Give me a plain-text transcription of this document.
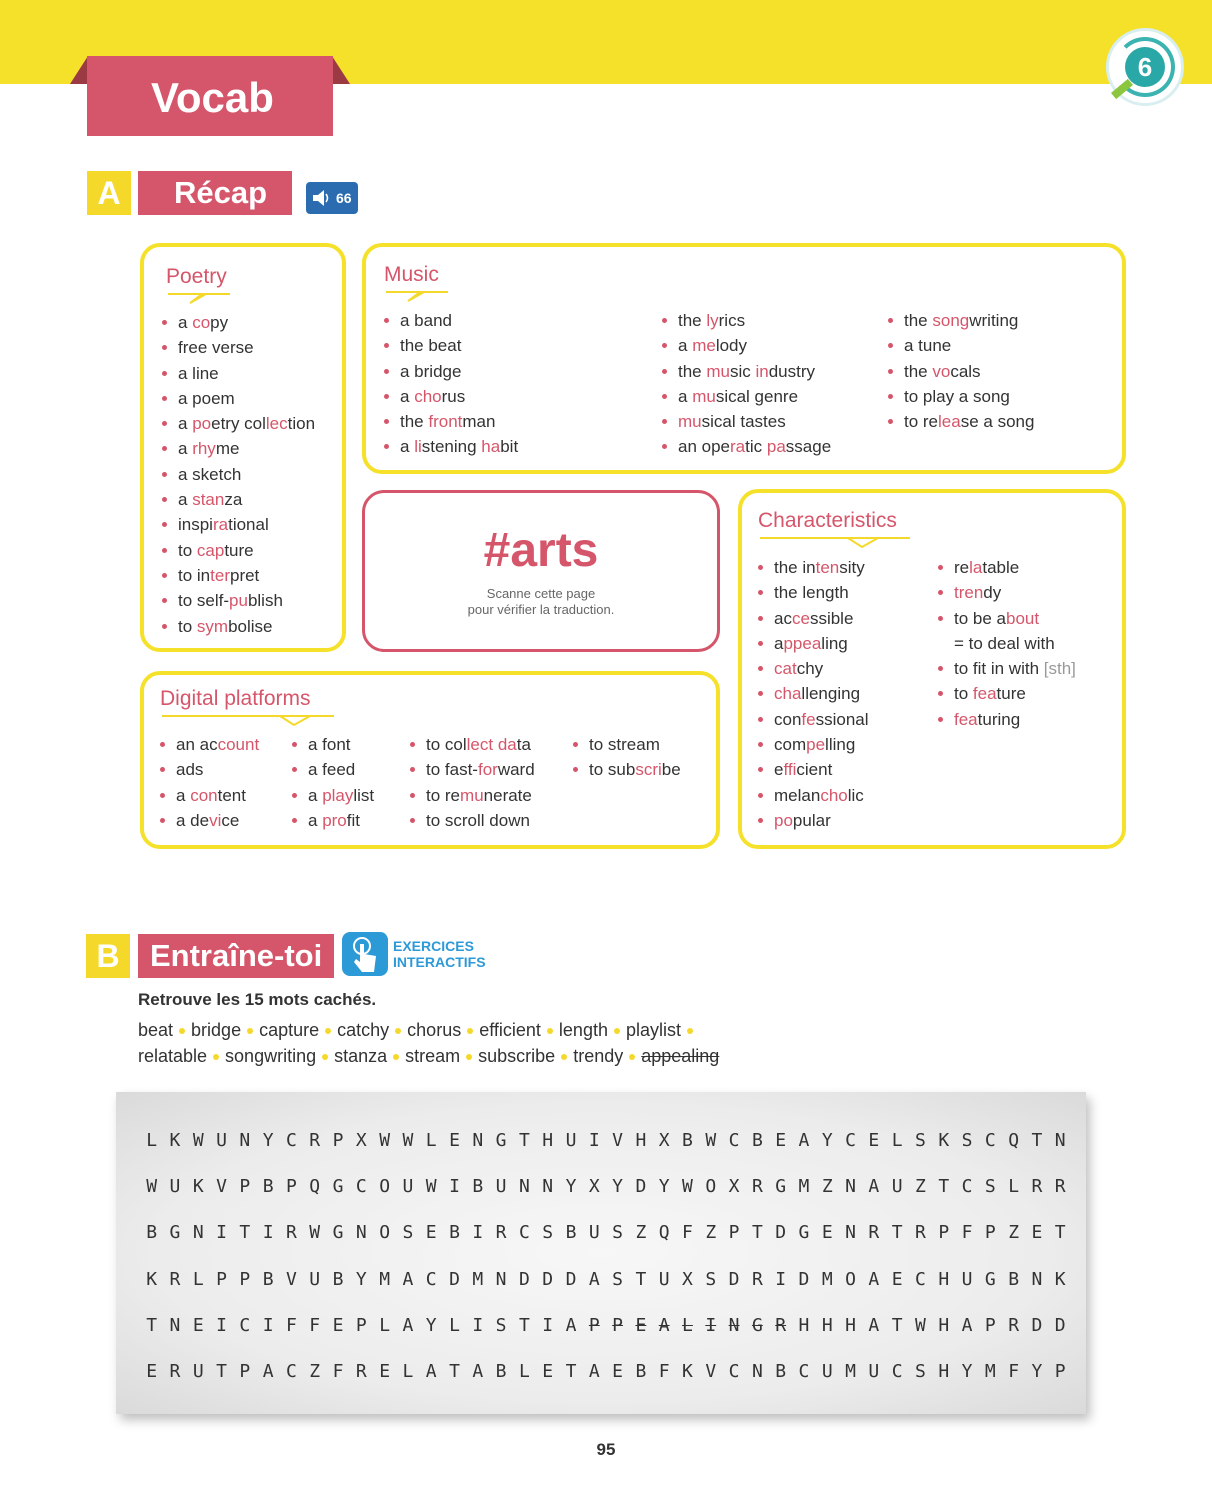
Vocab
6
A	Récap	66
Poetry
a copy
free verse
a line
a poem
a poetry collection
a rhyme
a sketch
a stanza
inspirational
to capture
to interpret
to self-publish
to symbolise
Music
a band
the beat
a bridge
a chorus
the frontman
a listening habit
the lyrics
a melody
the music industry
a musical genre
musical tastes
an operatic passage
the songwriting
a tune
the vocals
to play a song
to release a song
#arts
Scanne cette page
pour vérifier la traduction.
Characteristics
the intensity
the length
accessible
appealing
catchy
challenging
confessional
compelling
efficient
melancholic
popular
relatable
trendy
to be about
= to deal with
to fit in with [sth]
to feature
featuring
Digital platforms
an account
ads
a content
a device
a font
a feed
a playlist
a profit
to collect data
to fast-forward
to remunerate
to scroll down
to stream
to subscribe
B Entraîne-toi	EXERCICES
INTERACTIFS
Retrouve les 15 mots cachés.
beat bridge capture catchy chorus efficient length playlist
relatable songwriting stanza stream subscribe trendy appealing
L K W U N Y C R P X W W L E N G T H U I V H X B W C B E A Y C E L S K S C Q T N
W U K V P B P Q G C O U W I B U N N Y X Y D Y W O X R G M Z N A U Z T C S L R R
B G N I T I R W G N O S E B I R C S B U S Z Q F Z P T D G E N R T R P F P Z E T
K R L P P B V U B Y M A C D M N D D D A S T U X S D R I D M O A E C H U G B N K
T N E I C I F F E P L A Y L I S T I A P P E A L I N G R H H H A T W H A P R D D
E R U T P A C Z F R E L A T A B L E T A E B F K V C N B C U M U C S H Y M F Y P
95
